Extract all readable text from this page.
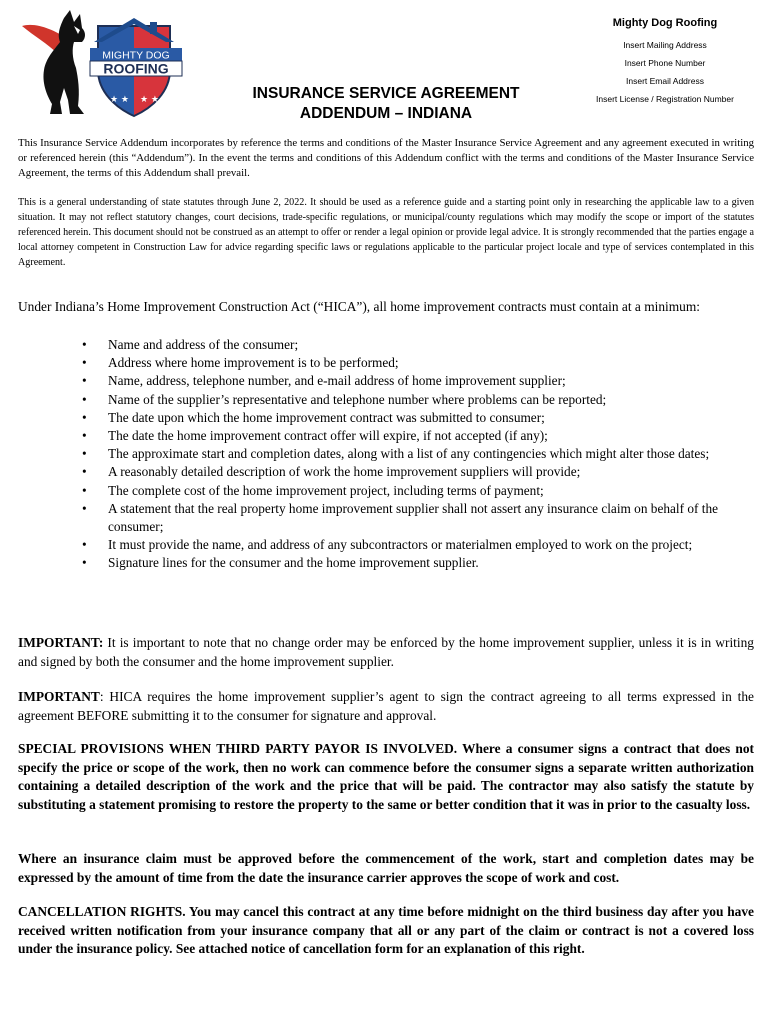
★ ★ ★ ★
MIGHTY DOG
ROOFING
Mighty Dog Roofing
Insert Mailing Address
Insert Phone Number
Insert Email Address
Insert License / Registration Number
INSURANCE SERVICE AGREEMENT
ADDENDUM – INDIANA

This Insurance Service Addendum incorporates by reference the terms and conditions of the Master Insurance Service Agreement and any agreement executed in writing or referenced herein (this “Addendum”). In the event the terms and conditions of this Addendum conflict with the terms and conditions of the Master Insurance Service Agreement, the terms of this Addendum shall prevail.

This is a general understanding of state statutes through June 2, 2022. It should be used as a reference guide and a starting point only in researching the applicable law to a given situation. It may not reflect statutory changes, court decisions, trade-specific regulations, or municipal/county regulations which may modify the scope or import of the statutes referenced herein. This document should not be construed as an attempt to offer or render a legal opinion or provide legal advice. It is strongly recommended that the parties engage a local attorney competent in Construction Law for advice regarding specific laws or regulations applicable to the particular project locale and type of services contemplated in this Agreement.

Under Indiana’s Home Improvement Construction Act (“HICA”), all home improvement contracts must contain at a minimum:

• Name and address of the consumer;
• Address where home improvement is to be performed;
• Name, address, telephone number, and e-mail address of home improvement supplier;
• Name of the supplier’s representative and telephone number where problems can be reported;
• The date upon which the home improvement contract was submitted to consumer;
• The date the home improvement contract offer will expire, if not accepted (if any);
• The approximate start and completion dates, along with a list of any contingencies which might alter those dates;
• A reasonably detailed description of work the home improvement suppliers will provide;
• The complete cost of the home improvement project, including terms of payment;
• A statement that the real property home improvement supplier shall not assert any insurance claim on behalf of the consumer;
• It must provide the name, and address of any subcontractors or materialmen employed to work on the project;
• Signature lines for the consumer and the home improvement supplier.

IMPORTANT: It is important to note that no change order may be enforced by the home improvement supplier, unless it is in writing and signed by both the consumer and the home improvement supplier.

IMPORTANT: HICA requires the home improvement supplier’s agent to sign the contract agreeing to all terms expressed in the agreement BEFORE submitting it to the consumer for signature and approval.

SPECIAL PROVISIONS WHEN THIRD PARTY PAYOR IS INVOLVED. Where a consumer signs a contract that does not specify the price or scope of the work, then no work can commence before the consumer signs a separate written authorization containing a detailed description of the work and the price that will be paid. The contractor may also satisfy the statute by substituting a statement promising to restore the property to the same or better condition that it was in prior to the casualty loss.

Where an insurance claim must be approved before the commencement of the work, start and completion dates may be expressed by the amount of time from the date the insurance carrier approves the scope of work and cost.

CANCELLATION RIGHTS. You may cancel this contract at any time before midnight on the third business day after you have received written notification from your insurance company that all or any part of the claim or contract is not a covered loss under the insurance policy. See attached notice of cancellation form for an explanation of this right.
